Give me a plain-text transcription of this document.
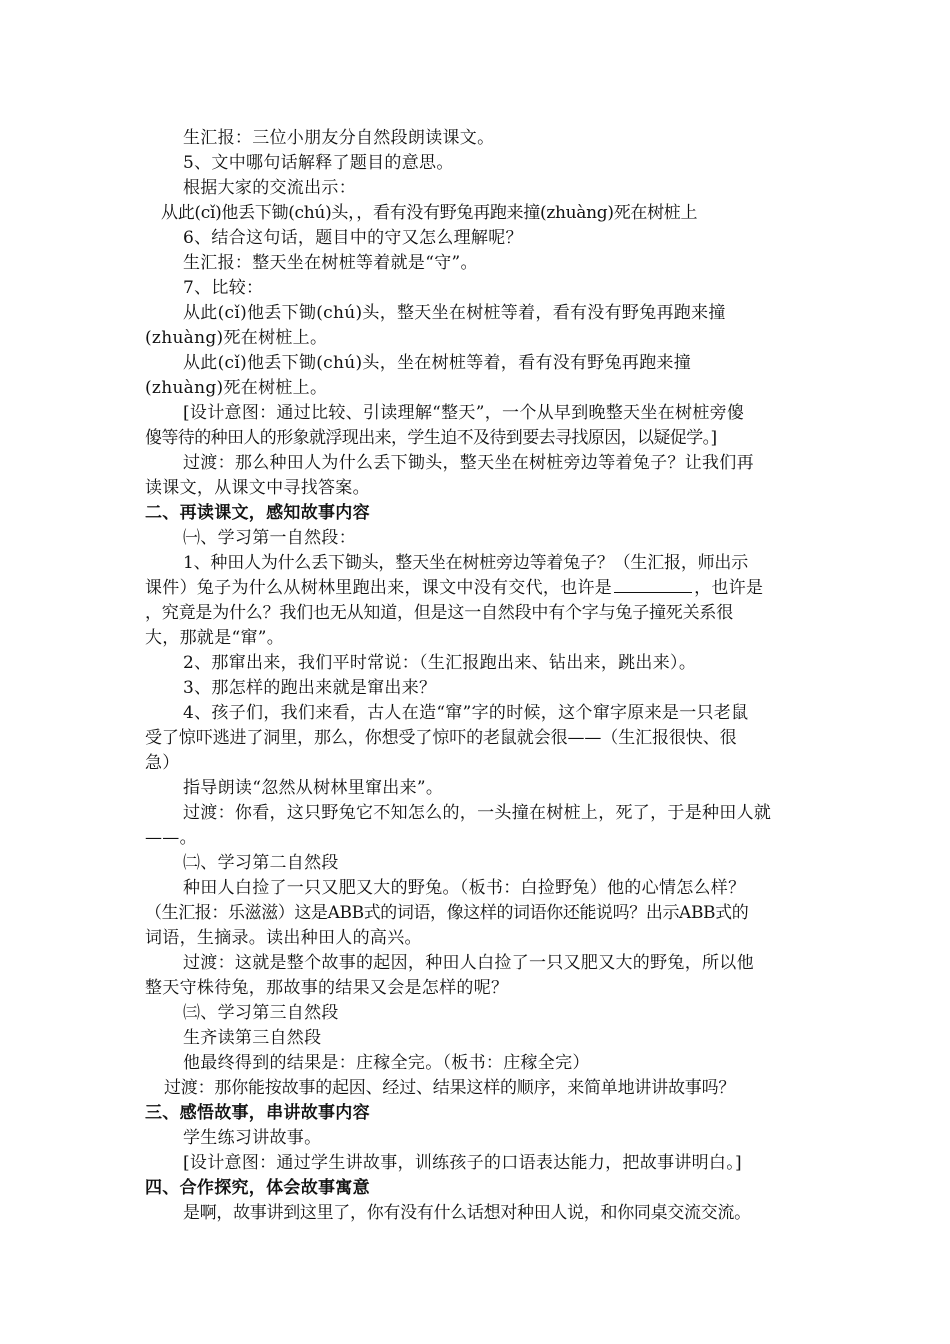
生汇报：三位小朋友分自然段朗读课文。
5、文中哪句话解释了题目的意思。
根据大家的交流出示：
从此(cǐ)他丢下锄(chú)头，，看有没有野兔再跑来撞(zhuàng)死在树桩上
6、结合这句话，题目中的守又怎么理解呢？
生汇报：整天坐在树桩等着就是“守”。
7、比较：
从此(cǐ)他丢下锄(chú)头，整天坐在树桩等着，看有没有野兔再跑来撞
(zhuàng)死在树桩上。
从此(cǐ)他丢下锄(chú)头，坐在树桩等着，看有没有野兔再跑来撞
(zhuàng)死在树桩上。
[设计意图：通过比较、引读理解“整天”，一个从早到晚整天坐在树桩旁傻
傻等待的种田人的形象就浮现出来，学生迫不及待到要去寻找原因，以疑促学。]
过渡：那么种田人为什么丢下锄头，整天坐在树桩旁边等着兔子？让我们再
读课文，从课文中寻找答案。
二、再读课文，感知故事内容
㈠、学习第一自然段：
1、种田人为什么丢下锄头，整天坐在树桩旁边等着兔子？（生汇报，师出示
课件）兔子为什么从树林里跑出来，课文中没有交代，也许是	，也许是
，究竟是为什么？我们也无从知道，但是这一自然段中有个字与兔子撞死关系很
大，那就是“窜”。
2、那窜出来，我们平时常说：（生汇报跑出来、钻出来，跳出来）。
3、那怎样的跑出来就是窜出来？
4、孩子们，我们来看，古人在造“窜”字的时候，这个窜字原来是一只老鼠
受了惊吓逃进了洞里，那么，你想受了惊吓的老鼠就会很——（生汇报很快、很
急）
指导朗读“忽然从树林里窜出来”。
过渡：你看，这只野兔它不知怎么的，一头撞在树桩上，死了，于是种田人就
——。
㈡、学习第二自然段
种田人白捡了一只又肥又大的野兔。（板书：白捡野兔）他的心情怎么样？
（生汇报：乐滋滋）这是ABB式的词语，像这样的词语你还能说吗？出示ABB式的
词语，生摘录。读出种田人的高兴。
过渡：这就是整个故事的起因，种田人白捡了一只又肥又大的野兔，所以他
整天守株待兔，那故事的结果又会是怎样的呢？
㈢、学习第三自然段
生齐读第三自然段
他最终得到的结果是：庄稼全完。（板书：庄稼全完）
过渡：那你能按故事的起因、经过、结果这样的顺序，来简单地讲讲故事吗？
三、感悟故事，串讲故事内容
学生练习讲故事。
[设计意图：通过学生讲故事，训练孩子的口语表达能力，把故事讲明白。]
四、合作探究，体会故事寓意
是啊，故事讲到这里了，你有没有什么话想对种田人说，和你同桌交流交流。
